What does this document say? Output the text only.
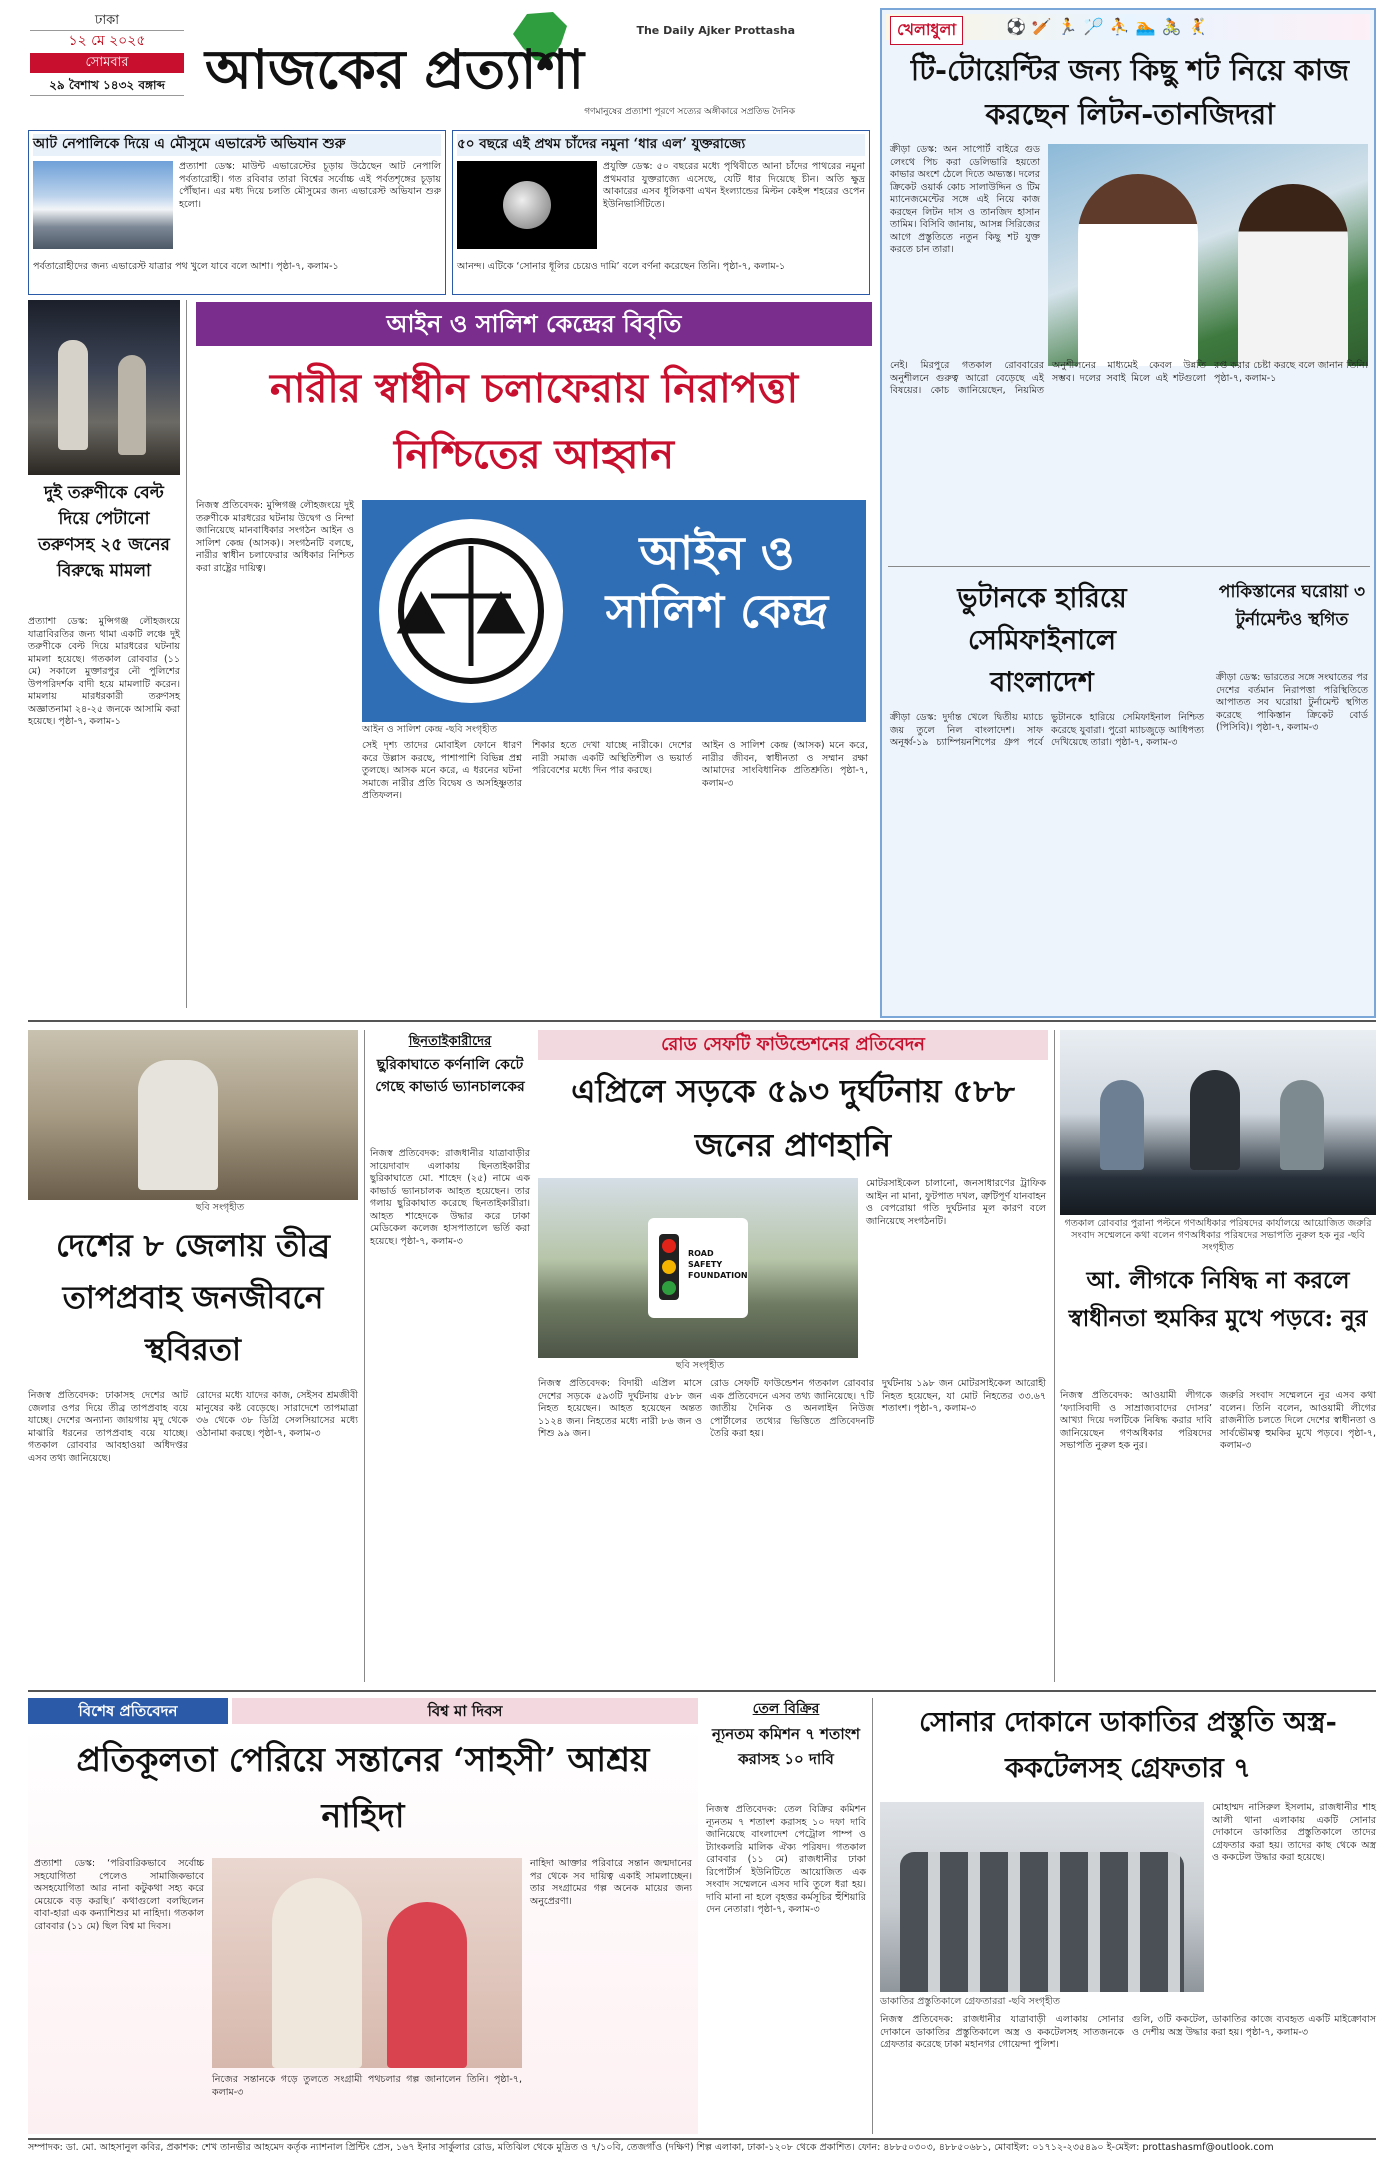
ঢাকা
১২ মে ২০২৫
সোমবার
২৯ বৈশাখ ১৪৩২ বঙ্গাব্দ
The Daily Ajker Prottasha
আজকের প্রত্যাশা
গণমানুষের প্রত্যাশা পূরণে সত্যের অঙ্গীকারে সপ্রতিভ দৈনিক
খেলাধুলা	⚽🏏🏃🏸⛹🏊🚴🤾
টি-টোয়েন্টির জন্য কিছু শট নিয়ে কাজ করছেন লিটন-তানজিদরা
ক্রীড়া ডেস্ক: অন সাপোর্ট বাইরে গুড লেংথে পিচ করা ডেলিভারি হয়তো কাভার অংশে ঠেলে দিতে অভ্যস্ত। দলের ক্রিকেট ওয়ার্ক কোচ সালাউদ্দিন ও টিম ম্যানেজমেন্টের সঙ্গে এই নিয়ে কাজ করছেন লিটন দাস ও তানজিদ হাসান তামিম। বিসিবি জানায়, আসন্ন সিরিজের আগে প্রস্তুতিতে নতুন কিছু শট যুক্ত করতে চান তারা।
নেই। মিরপুরে গতকাল রোববারের অনুশীলনে গুরুত্ব আরো বেড়েছে এই বিষয়ের। কোচ জানিয়েছেন, নিয়মিত অনুশীলনের মাধ্যমেই কেবল উন্নতি সম্ভব। দলের সবাই মিলে এই শটগুলো রপ্ত করার চেষ্টা করছে বলে জানান তিনি। পৃষ্ঠা-৭, কলাম-১
ভুটানকে হারিয়ে সেমিফাইনালে বাংলাদেশ
ক্রীড়া ডেস্ক: দুর্দান্ত খেলে দ্বিতীয় ম্যাচে জয় তুলে নিল বাংলাদেশ। সাফ অনূর্ধ্ব-১৯ চ্যাম্পিয়নশিপের গ্রুপ পর্বে ভুটানকে হারিয়ে সেমিফাইনাল নিশ্চিত করেছে যুবারা। পুরো ম্যাচজুড়ে আধিপত্য দেখিয়েছে তারা। পৃষ্ঠা-৭, কলাম-৩
পাকিস্তানের ঘরোয়া ৩ টুর্নামেন্টও স্থগিত
ক্রীড়া ডেস্ক: ভারতের সঙ্গে সংঘাতের পর দেশের বর্তমান নিরাপত্তা পরিস্থিতিতে আপাতত সব ঘরোয়া টুর্নামেন্ট স্থগিত করেছে পাকিস্তান ক্রিকেট বোর্ড (পিসিবি)। পৃষ্ঠা-৭, কলাম-৩
আট নেপালিকে দিয়ে এ মৌসুমে এভারেস্ট অভিযান শুরু
প্রত্যাশা ডেস্ক: মাউন্ট এভারেস্টের চূড়ায় উঠেছেন আট নেপালি পর্বতারোহী। গত রবিবার তারা বিশ্বের সর্বোচ্চ এই পর্বতশৃঙ্গের চূড়ায় পৌঁছান। এর মধ্য দিয়ে চলতি মৌসুমের জন্য এভারেস্ট অভিযান শুরু হলো।
পর্বতারোহীদের জন্য এভারেস্ট যাত্রার পথ খুলে যাবে বলে আশা। পৃষ্ঠা-৭, কলাম-১
৫০ বছরে এই প্রথম চাঁদের নমুনা ‘ধার এল’ যুক্তরাজ্যে
প্রযুক্তি ডেস্ক: ৫০ বছরের মধ্যে পৃথিবীতে আনা চাঁদের পাথরের নমুনা প্রথমবার যুক্তরাজ্যে এসেছে, যেটি ধার দিয়েছে চীন। অতি ক্ষুদ্র আকারের এসব ধূলিকণা এখন ইংল্যান্ডের মিল্টন কেইন্স শহরের ওপেন ইউনিভার্সিটিতে।
আনন্দ। এটিকে ‘সোনার ধূলির চেয়েও দামি’ বলে বর্ণনা করেছেন তিনি। পৃষ্ঠা-৭, কলাম-১
দুই তরুণীকে বেল্ট দিয়ে পেটানো তরুণসহ ২৫ জনের বিরুদ্ধে মামলা
প্রত্যাশা ডেস্ক: মুন্সিগঞ্জ লৌহজংয়ে যাত্রাবিরতির জন্য থামা একটি লঞ্চে দুই তরুণীকে বেল্ট দিয়ে মারধরের ঘটনায় মামলা হয়েছে। গতকাল রোববার (১১ মে) সকালে মুক্তারপুর নৌ পুলিশের উপপরিদর্শক বাদী হয়ে মামলাটি করেন। মামলায় মারধরকারী তরুণসহ অজ্ঞাতনামা ২৪-২৫ জনকে আসামি করা হয়েছে। পৃষ্ঠা-৭, কলাম-১
আইন ও সালিশ কেন্দ্রের বিবৃতি
নারীর স্বাধীন চলাফেরায় নিরাপত্তা নিশ্চিতের আহ্বান
নিজস্ব প্রতিবেদক: মুন্সিগঞ্জ লৌহজংয়ে দুই তরুণীকে মারধরের ঘটনায় উদ্বেগ ও নিন্দা জানিয়েছে মানবাধিকার সংগঠন আইন ও সালিশ কেন্দ্র (আসক)। সংগঠনটি বলছে, নারীর স্বাধীন চলাফেরার অধিকার নিশ্চিত করা রাষ্ট্রের দায়িত্ব।	আইন ও সালিশ কেন্দ্র
আইন ও সালিশ কেন্দ্র -ছবি সংগৃহীত
সেই দৃশ্য তাদের মোবাইল ফোনে ধারণ করে উল্লাস করছে, পাশাপাশি বিভিন্ন প্রশ্ন তুলছে। আসক মনে করে, এ ধরনের ঘটনা সমাজে নারীর প্রতি বিদ্বেষ ও অসহিষ্ণুতার প্রতিফলন।
শিকার হতে দেখা যাচ্ছে নারীকে। দেশের নারী সমাজ একটি অস্থিতিশীল ও ভয়ার্ত পরিবেশের মধ্যে দিন পার করছে।
আইন ও সালিশ কেন্দ্র (আসক) মনে করে, নারীর জীবন, স্বাধীনতা ও সম্মান রক্ষা আমাদের সাংবিধানিক প্রতিশ্রুতি। পৃষ্ঠা-৭, কলাম-৩
ছবি সংগৃহীত
দেশের ৮ জেলায় তীব্র তাপপ্রবাহ জনজীবনে স্থবিরতা
নিজস্ব প্রতিবেদক: ঢাকাসহ দেশের আট জেলার ওপর দিয়ে তীব্র তাপপ্রবাহ বয়ে যাচ্ছে। দেশের অন্যান্য জায়গায় মৃদু থেকে মাঝারি ধরনের তাপপ্রবাহ বয়ে যাচ্ছে। গতকাল রোববার আবহাওয়া অধিদপ্তর এসব তথ্য জানিয়েছে।
রোদের মধ্যে যাদের কাজ, সেইসব শ্রমজীবী মানুষের কষ্ট বেড়েছে। সারাদেশে তাপমাত্রা ৩৬ থেকে ৩৮ ডিগ্রি সেলসিয়াসের মধ্যে ওঠানামা করছে। পৃষ্ঠা-৭, কলাম-৩
ছিনতাইকারীদের
ছুরিকাঘাতে কর্ণনালি কেটে গেছে কাভার্ড ভ্যানচালকের
নিজস্ব প্রতিবেদক: রাজধানীর যাত্রাবাড়ীর সায়েদাবাদ এলাকায় ছিনতাইকারীর ছুরিকাঘাতে মো. শাহেদ (২৫) নামে এক কাভার্ড ভ্যানচালক আহত হয়েছেন। তার গলায় ছুরিকাঘাত করেছে ছিনতাইকারীরা। আহত শাহেদকে উদ্ধার করে ঢাকা মেডিকেল কলেজ হাসপাতালে ভর্তি করা হয়েছে। পৃষ্ঠা-৭, কলাম-৩
রোড সেফটি ফাউন্ডেশনের প্রতিবেদন
এপ্রিলে সড়কে ৫৯৩ দুর্ঘটনায় ৫৮৮ জনের প্রাণহানি
ROAD SAFETY FOUNDATION
ছবি সংগৃহীত
মোটরসাইকেল চালানো, জনসাধারণের ট্রাফিক আইন না মানা, ফুটপাত দখল, ত্রুটিপূর্ণ যানবাহন ও বেপরোয়া গতি দুর্ঘটনার মূল কারণ বলে জানিয়েছে সংগঠনটি।
নিজস্ব প্রতিবেদক: বিদায়ী এপ্রিল মাসে দেশের সড়কে ৫৯৩টি দুর্ঘটনায় ৫৮৮ জন নিহত হয়েছেন। আহত হয়েছেন অন্তত ১১২৪ জন। নিহতের মধ্যে নারী ৮৬ জন ও শিশু ৯৯ জন।
রোড সেফটি ফাউন্ডেশন গতকাল রোববার এক প্রতিবেদনে এসব তথ্য জানিয়েছে। ৭টি জাতীয় দৈনিক ও অনলাইন নিউজ পোর্টালের তথ্যের ভিত্তিতে প্রতিবেদনটি তৈরি করা হয়।
দুর্ঘটনায় ১৯৮ জন মোটরসাইকেল আরোহী নিহত হয়েছেন, যা মোট নিহতের ৩৩.৬৭ শতাংশ। পৃষ্ঠা-৭, কলাম-৩
গতকাল রোববার পুরানা পল্টনে গণঅধিকার পরিষদের কার্যালয়ে আয়োজিত জরুরি সংবাদ সম্মেলনে কথা বলেন গণঅধিকার পরিষদের সভাপতি নুরুল হক নুর -ছবি সংগৃহীত
আ. লীগকে নিষিদ্ধ না করলে স্বাধীনতা হুমকির মুখে পড়বে: নুর
নিজস্ব প্রতিবেদক: আওয়ামী লীগকে ‘ফ্যাসিবাদী ও সাম্রাজ্যবাদের দোসর’ আখ্যা দিয়ে দলটিকে নিষিদ্ধ করার দাবি জানিয়েছেন গণঅধিকার পরিষদের সভাপতি নুরুল হক নুর।
জরুরি সংবাদ সম্মেলনে নুর এসব কথা বলেন। তিনি বলেন, আওয়ামী লীগের রাজনীতি চলতে দিলে দেশের স্বাধীনতা ও সার্বভৌমত্ব হুমকির মুখে পড়বে। পৃষ্ঠা-৭, কলাম-৩
বিশেষ প্রতিবেদন	বিশ্ব মা দিবস
প্রতিকূলতা পেরিয়ে সন্তানের ‘সাহসী’ আশ্রয় নাহিদা
প্রত্যাশা ডেস্ক: ‘পরিবারিকভাবে সর্বোচ্চ সহযোগিতা পেলেও সামাজিকভাবে অসহযোগিতা আর নানা কটুকথা সহ্য করে মেয়েকে বড় করছি।’ কথাগুলো বলছিলেন বাবা-হারা এক কন্যাশিশুর মা নাহিদা। গতকাল রোববার (১১ মে) ছিল বিশ্ব মা দিবস।
নাহিদা আক্তার পরিবারে সন্তান জন্মদানের পর থেকে সব দায়িত্ব একাই সামলাচ্ছেন। তার সংগ্রামের গল্প অনেক মায়ের জন্য অনুপ্রেরণা।
নিজের সন্তানকে গড়ে তুলতে সংগ্রামী পথচলার গল্প জানালেন তিনি। পৃষ্ঠা-৭, কলাম-৩
তেল বিক্রির
ন্যূনতম কমিশন ৭ শতাংশ করাসহ ১০ দাবি
নিজস্ব প্রতিবেদক: তেল বিক্রির কমিশন ন্যূনতম ৭ শতাংশ করাসহ ১০ দফা দাবি জানিয়েছে বাংলাদেশ পেট্রোল পাম্প ও ট্যাংকলরি মালিক ঐক্য পরিষদ। গতকাল রোববার (১১ মে) রাজধানীর ঢাকা রিপোর্টার্স ইউনিটিতে আয়োজিত এক সংবাদ সম্মেলনে এসব দাবি তুলে ধরা হয়। দাবি মানা না হলে বৃহত্তর কর্মসূচির হুঁশিয়ারি দেন নেতারা। পৃষ্ঠা-৭, কলাম-৩
সোনার দোকানে ডাকাতির প্রস্তুতি অস্ত্র-ককটেলসহ গ্রেফতার ৭
মোহাম্মদ নাসিরুল ইসলাম, রাজধানীর শাহ আলী থানা এলাকায় একটি সোনার দোকানে ডাকাতির প্রস্তুতিকালে তাদের গ্রেফতার করা হয়। তাদের কাছ থেকে অস্ত্র ও ককটেল উদ্ধার করা হয়েছে।
ডাকাতির প্রস্তুতিকালে গ্রেফতাররা -ছবি সংগৃহীত
নিজস্ব প্রতিবেদক: রাজধানীর যাত্রাবাড়ী এলাকায় সোনার দোকানে ডাকাতির প্রস্তুতিকালে অস্ত্র ও ককটেলসহ সাতজনকে গ্রেফতার করেছে ঢাকা মহানগর গোয়েন্দা পুলিশ।
গুলি, ৩টি ককটেল, ডাকাতির কাজে ব্যবহৃত একটি মাইক্রোবাস ও দেশীয় অস্ত্র উদ্ধার করা হয়। পৃষ্ঠা-৭, কলাম-৩
সম্পাদক: ডা. মো. আহসানুল কবির, প্রকাশক: শেখ তানভীর আহমেদ কর্তৃক ন্যাশনাল প্রিন্টিং প্রেস, ১৬৭ ইনার সার্কুলার রোড, মতিঝিল থেকে মুদ্রিত ও ৭/১০বি, তেজগাঁও (দক্ষিণ) শিল্প এলাকা, ঢাকা-১২০৮ থেকে প্রকাশিত। ফোন: ৪৮৮৫০৩০৩, ৪৮৮৫০৬৮১, মোবাইল: ০১৭১২-২৩৫৪৯০ ই-মেইল: prottashasmf@outlook.com
